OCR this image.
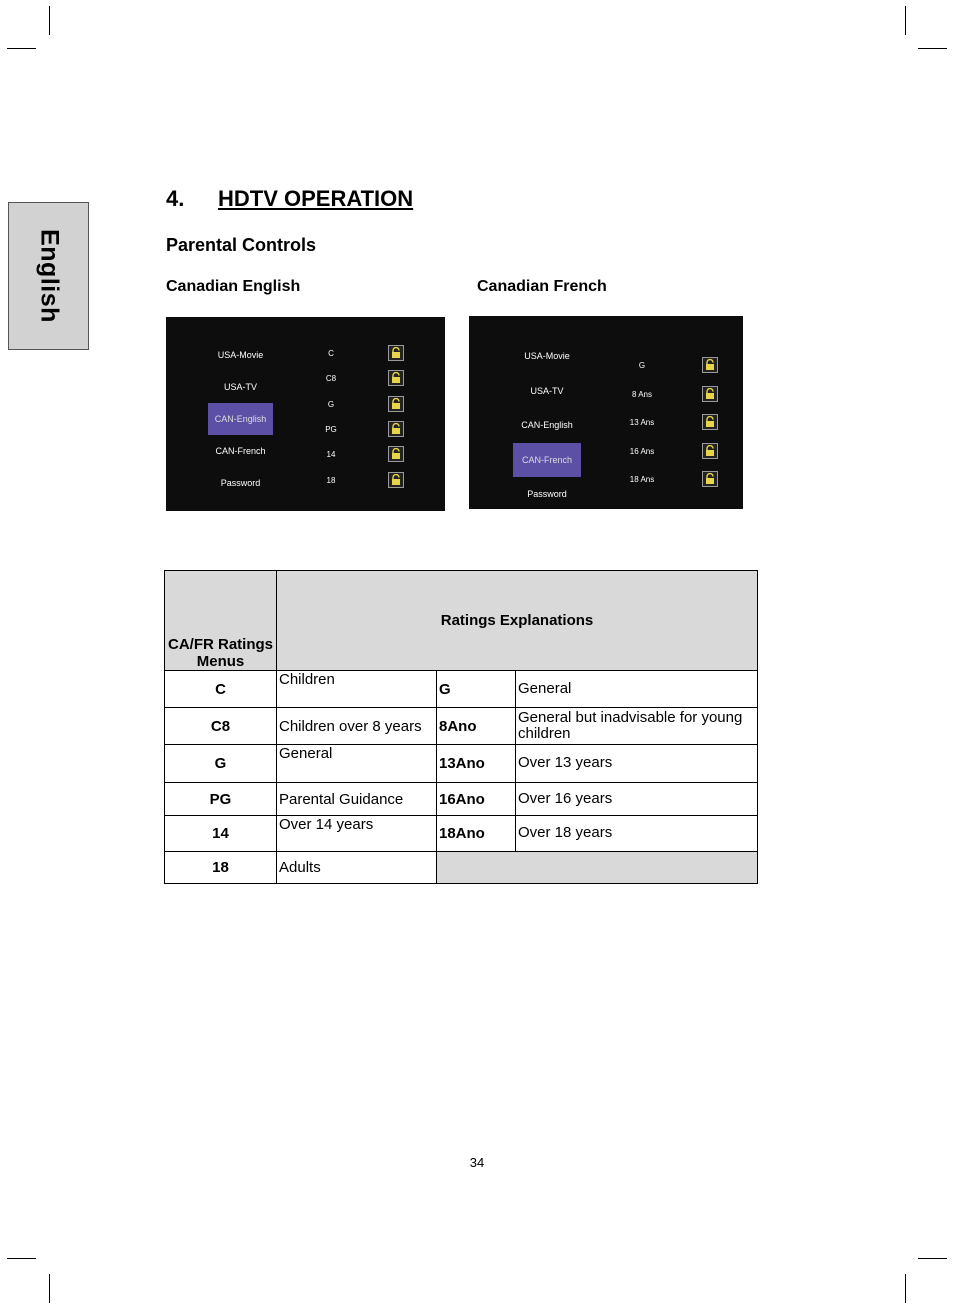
English
4. HDTV OPERATION
Parental Controls

Canadian English	Canadian French

USA-Movie
USA-TV
CAN-English
CAN-French
Password
C
C8
G
PG
14
18
USA-Movie
USA-TV
CAN-English
CAN-French
Password
G
8 Ans
13 Ans
16 Ans
18 Ans
CA/FR Ratings Menus	Ratings Explanations		
C	Children	G	General
C8	Children over 8 years	8Ano	General but inadvisable for young children
G	General	13Ano	Over 13 years
PG	Parental Guidance	16Ano	Over 16 years
14	Over 14 years	18Ano	Over 18 years
18	Adults		
34
